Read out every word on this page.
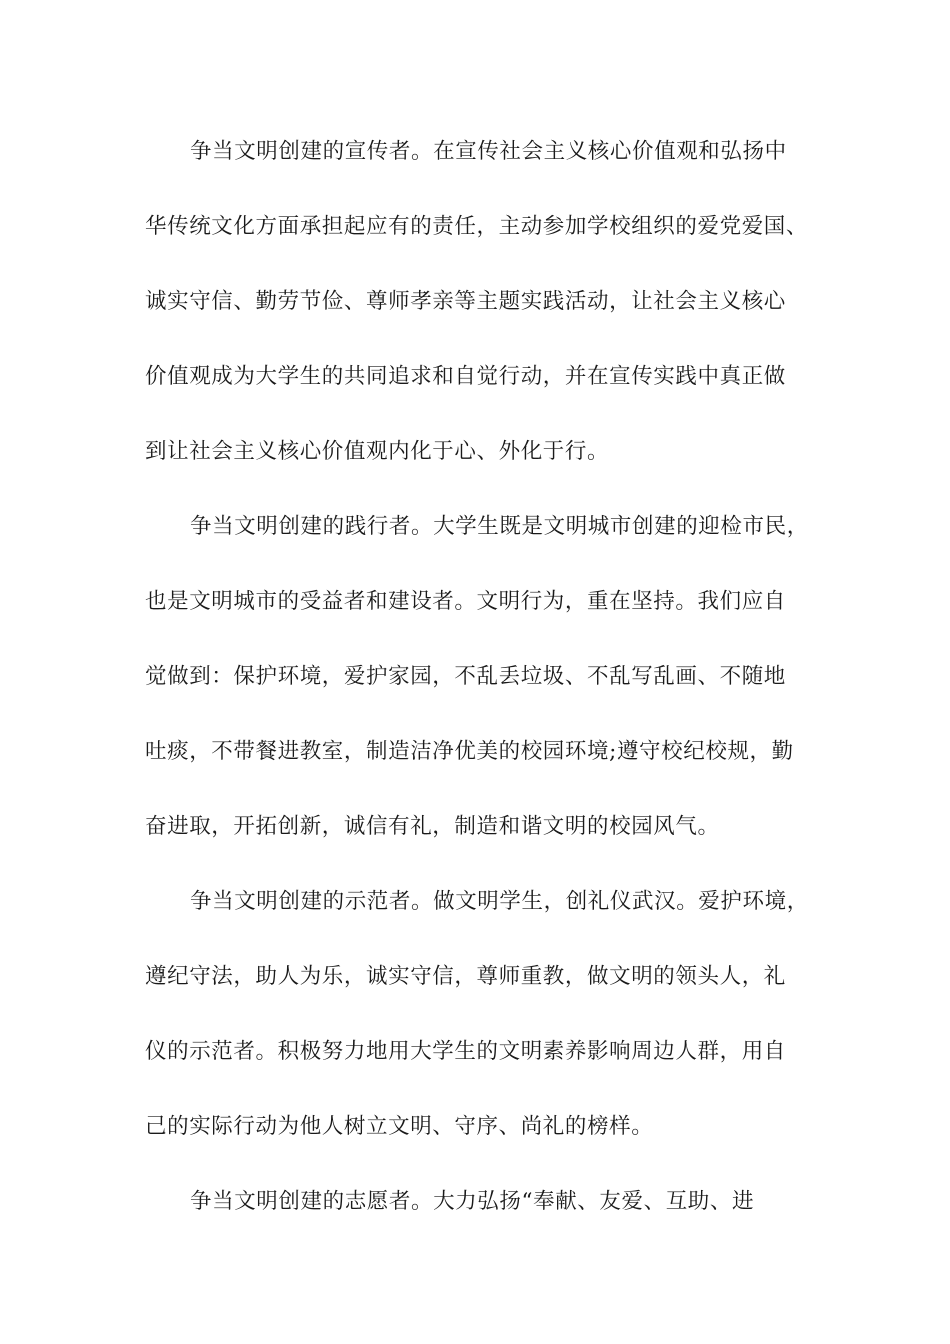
争当文明创建的宣传者。在宣传社会主义核心价值观和弘扬中
华传统文化方面承担起应有的责任，主动参加学校组织的爱党爱国、
诚实守信、勤劳节俭、尊师孝亲等主题实践活动，让社会主义核心
价值观成为大学生的共同追求和自觉行动，并在宣传实践中真正做
到让社会主义核心价值观内化于心、外化于行。
争当文明创建的践行者。大学生既是文明城市创建的迎检市民，
也是文明城市的受益者和建设者。文明行为，重在坚持。我们应自
觉做到：保护环境，爱护家园，不乱丢垃圾、不乱写乱画、不随地
吐痰，不带餐进教室，制造洁净优美的校园环境;遵守校纪校规，勤
奋进取，开拓创新，诚信有礼，制造和谐文明的校园风气。
争当文明创建的示范者。做文明学生，创礼仪武汉。爱护环境，
遵纪守法，助人为乐，诚实守信，尊师重教，做文明的领头人，礼
仪的示范者。积极努力地用大学生的文明素养影响周边人群，用自
己的实际行动为他人树立文明、守序、尚礼的榜样。
争当文明创建的志愿者。大力弘扬“奉献、友爱、互助、进
